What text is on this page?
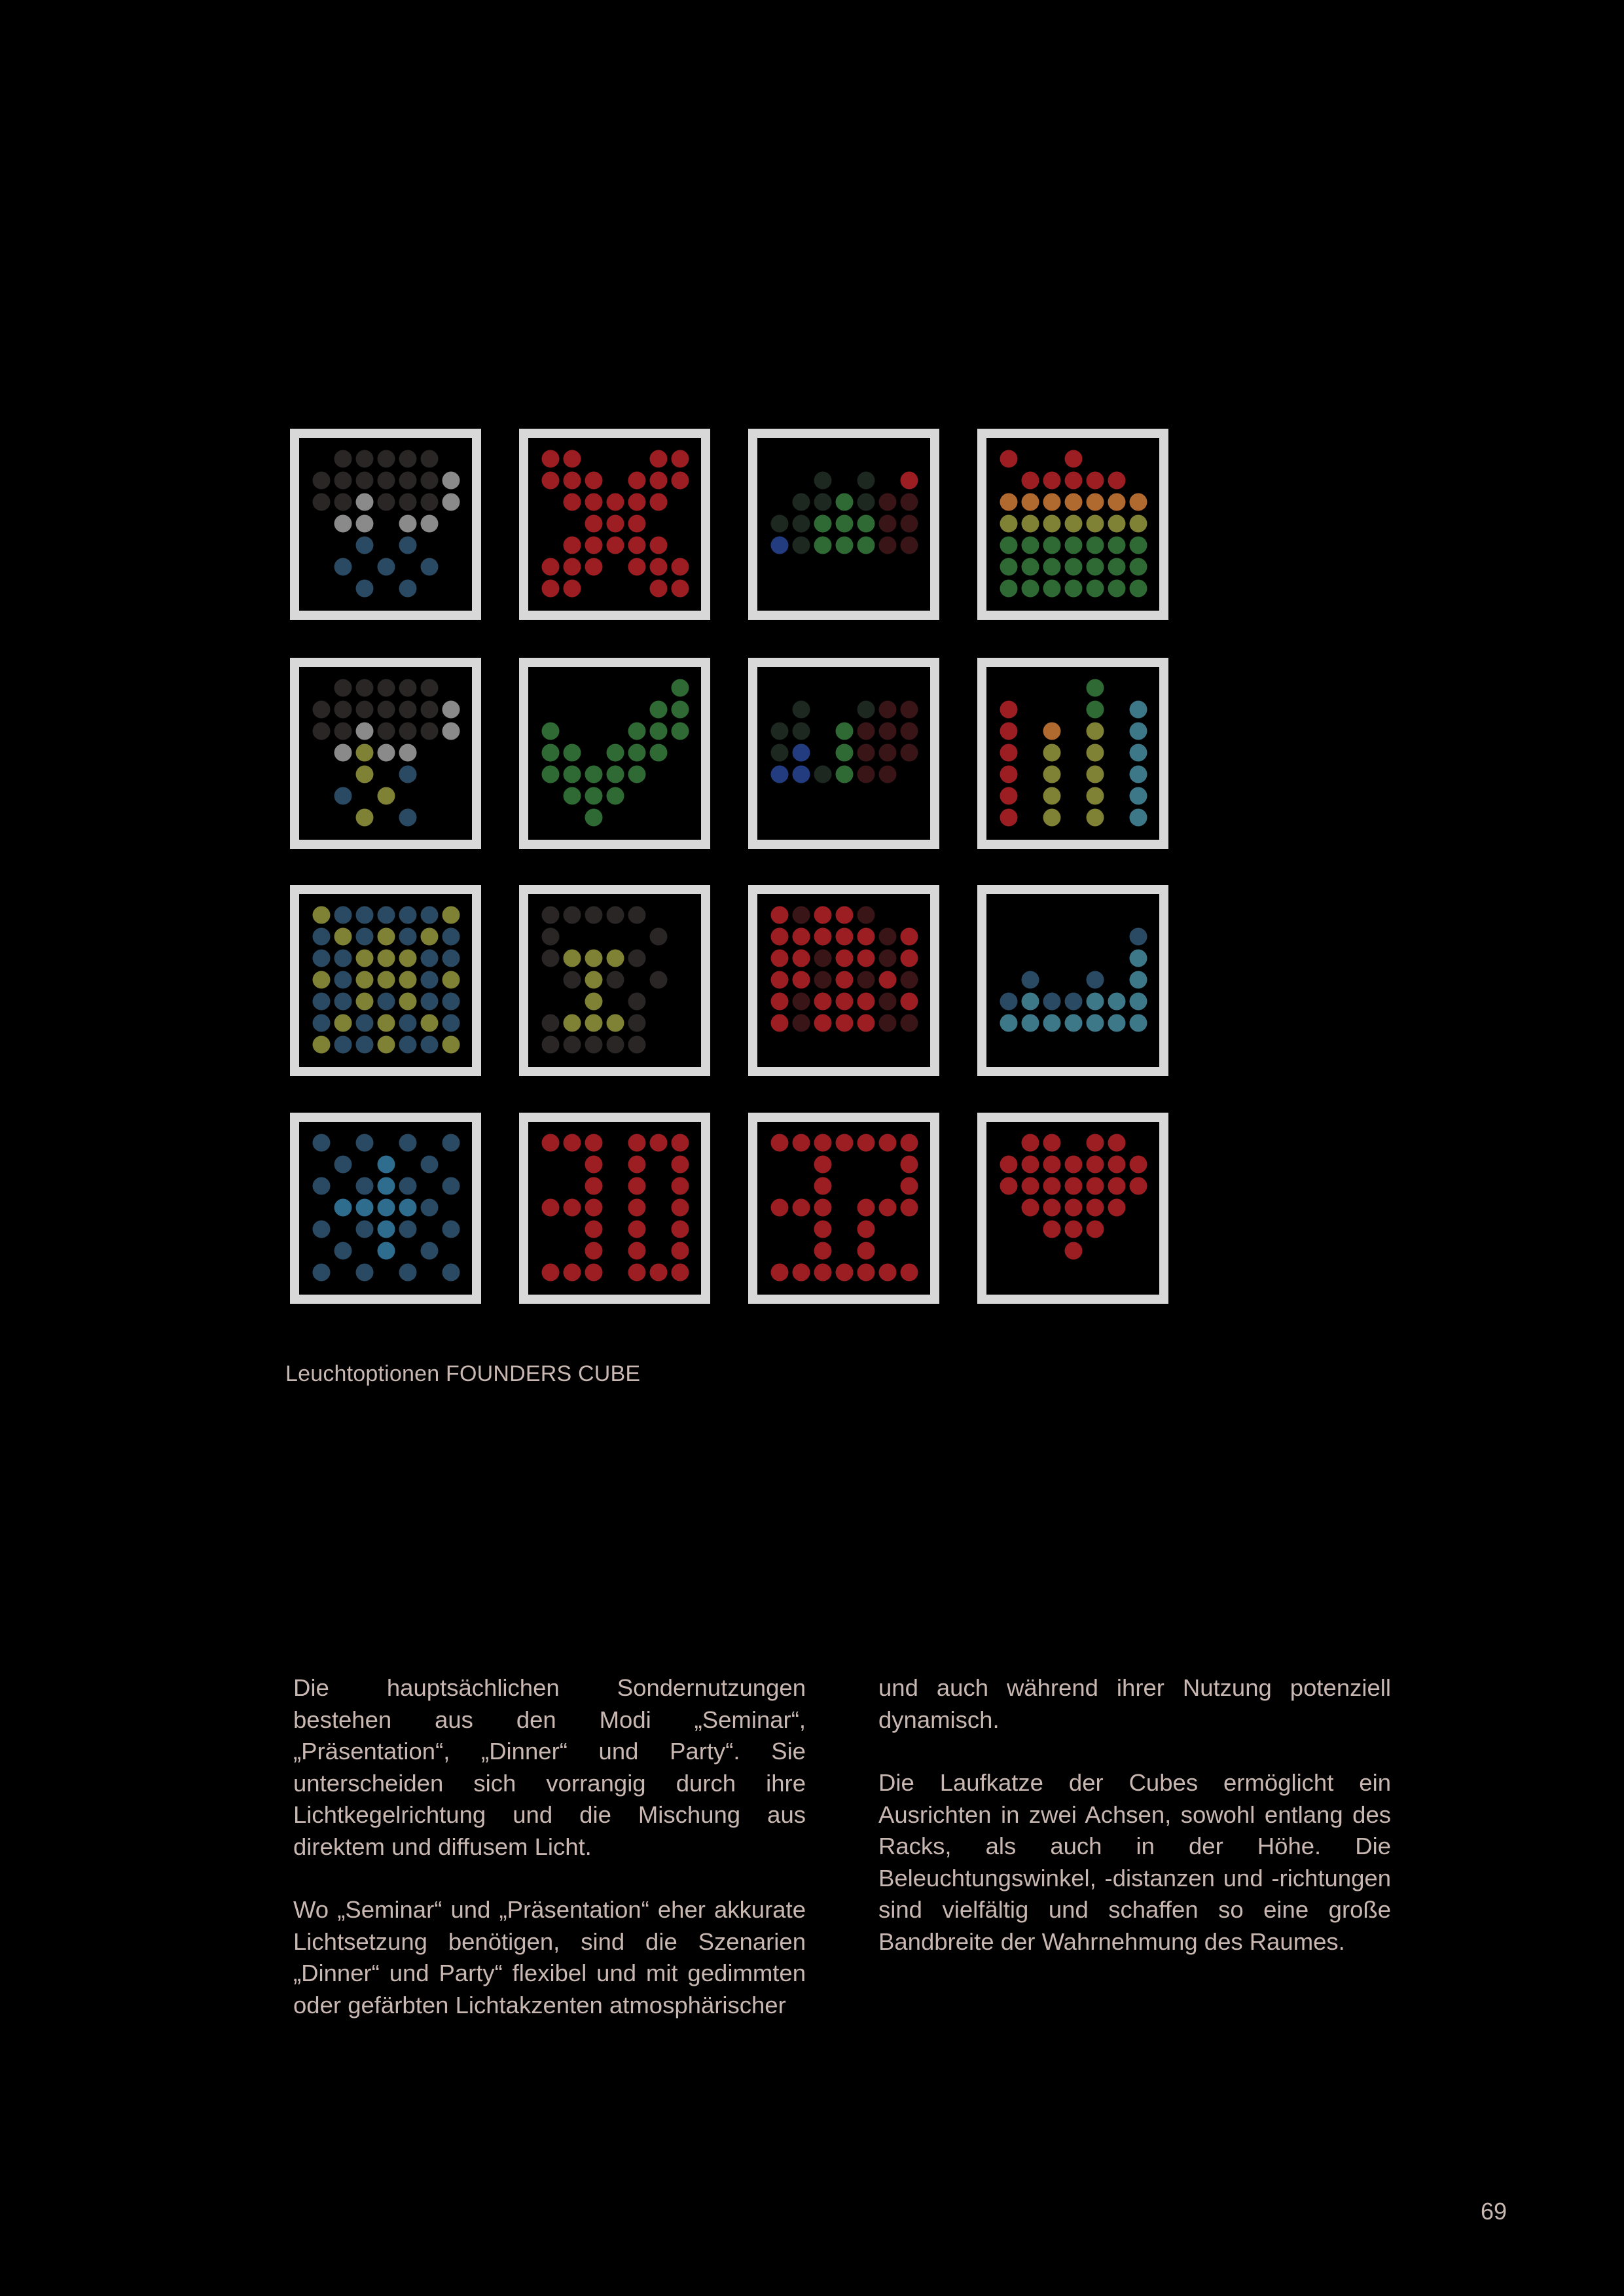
Leuchtoptionen FOUNDERS CUBE

Die hauptsächlichen Sondernutzungen bestehen aus den Modi „Seminar“, „Präsentation“, „Dinner“ und Party“. Sie unterscheiden sich vorrangig durch ihre Lichtkegelrichtung und die Mischung aus direktem und diffusem Licht.

Wo „Seminar“ und „Präsentation“ eher akkurate Lichtsetzung benötigen, sind die Szenarien „Dinner“ und Party“ flexibel und mit gedimmten oder gefärbten Lichtakzenten atmosphärischer

und auch während ihrer Nutzung potenziell dynamisch.

Die Laufkatze der Cubes ermöglicht ein Ausrichten in zwei Achsen, sowohl entlang des Racks, als auch in der Höhe. Die Beleuchtungswinkel, -distanzen und -richtungen sind vielfältig und schaffen so eine große Bandbreite der Wahrnehmung des Raumes.

69
